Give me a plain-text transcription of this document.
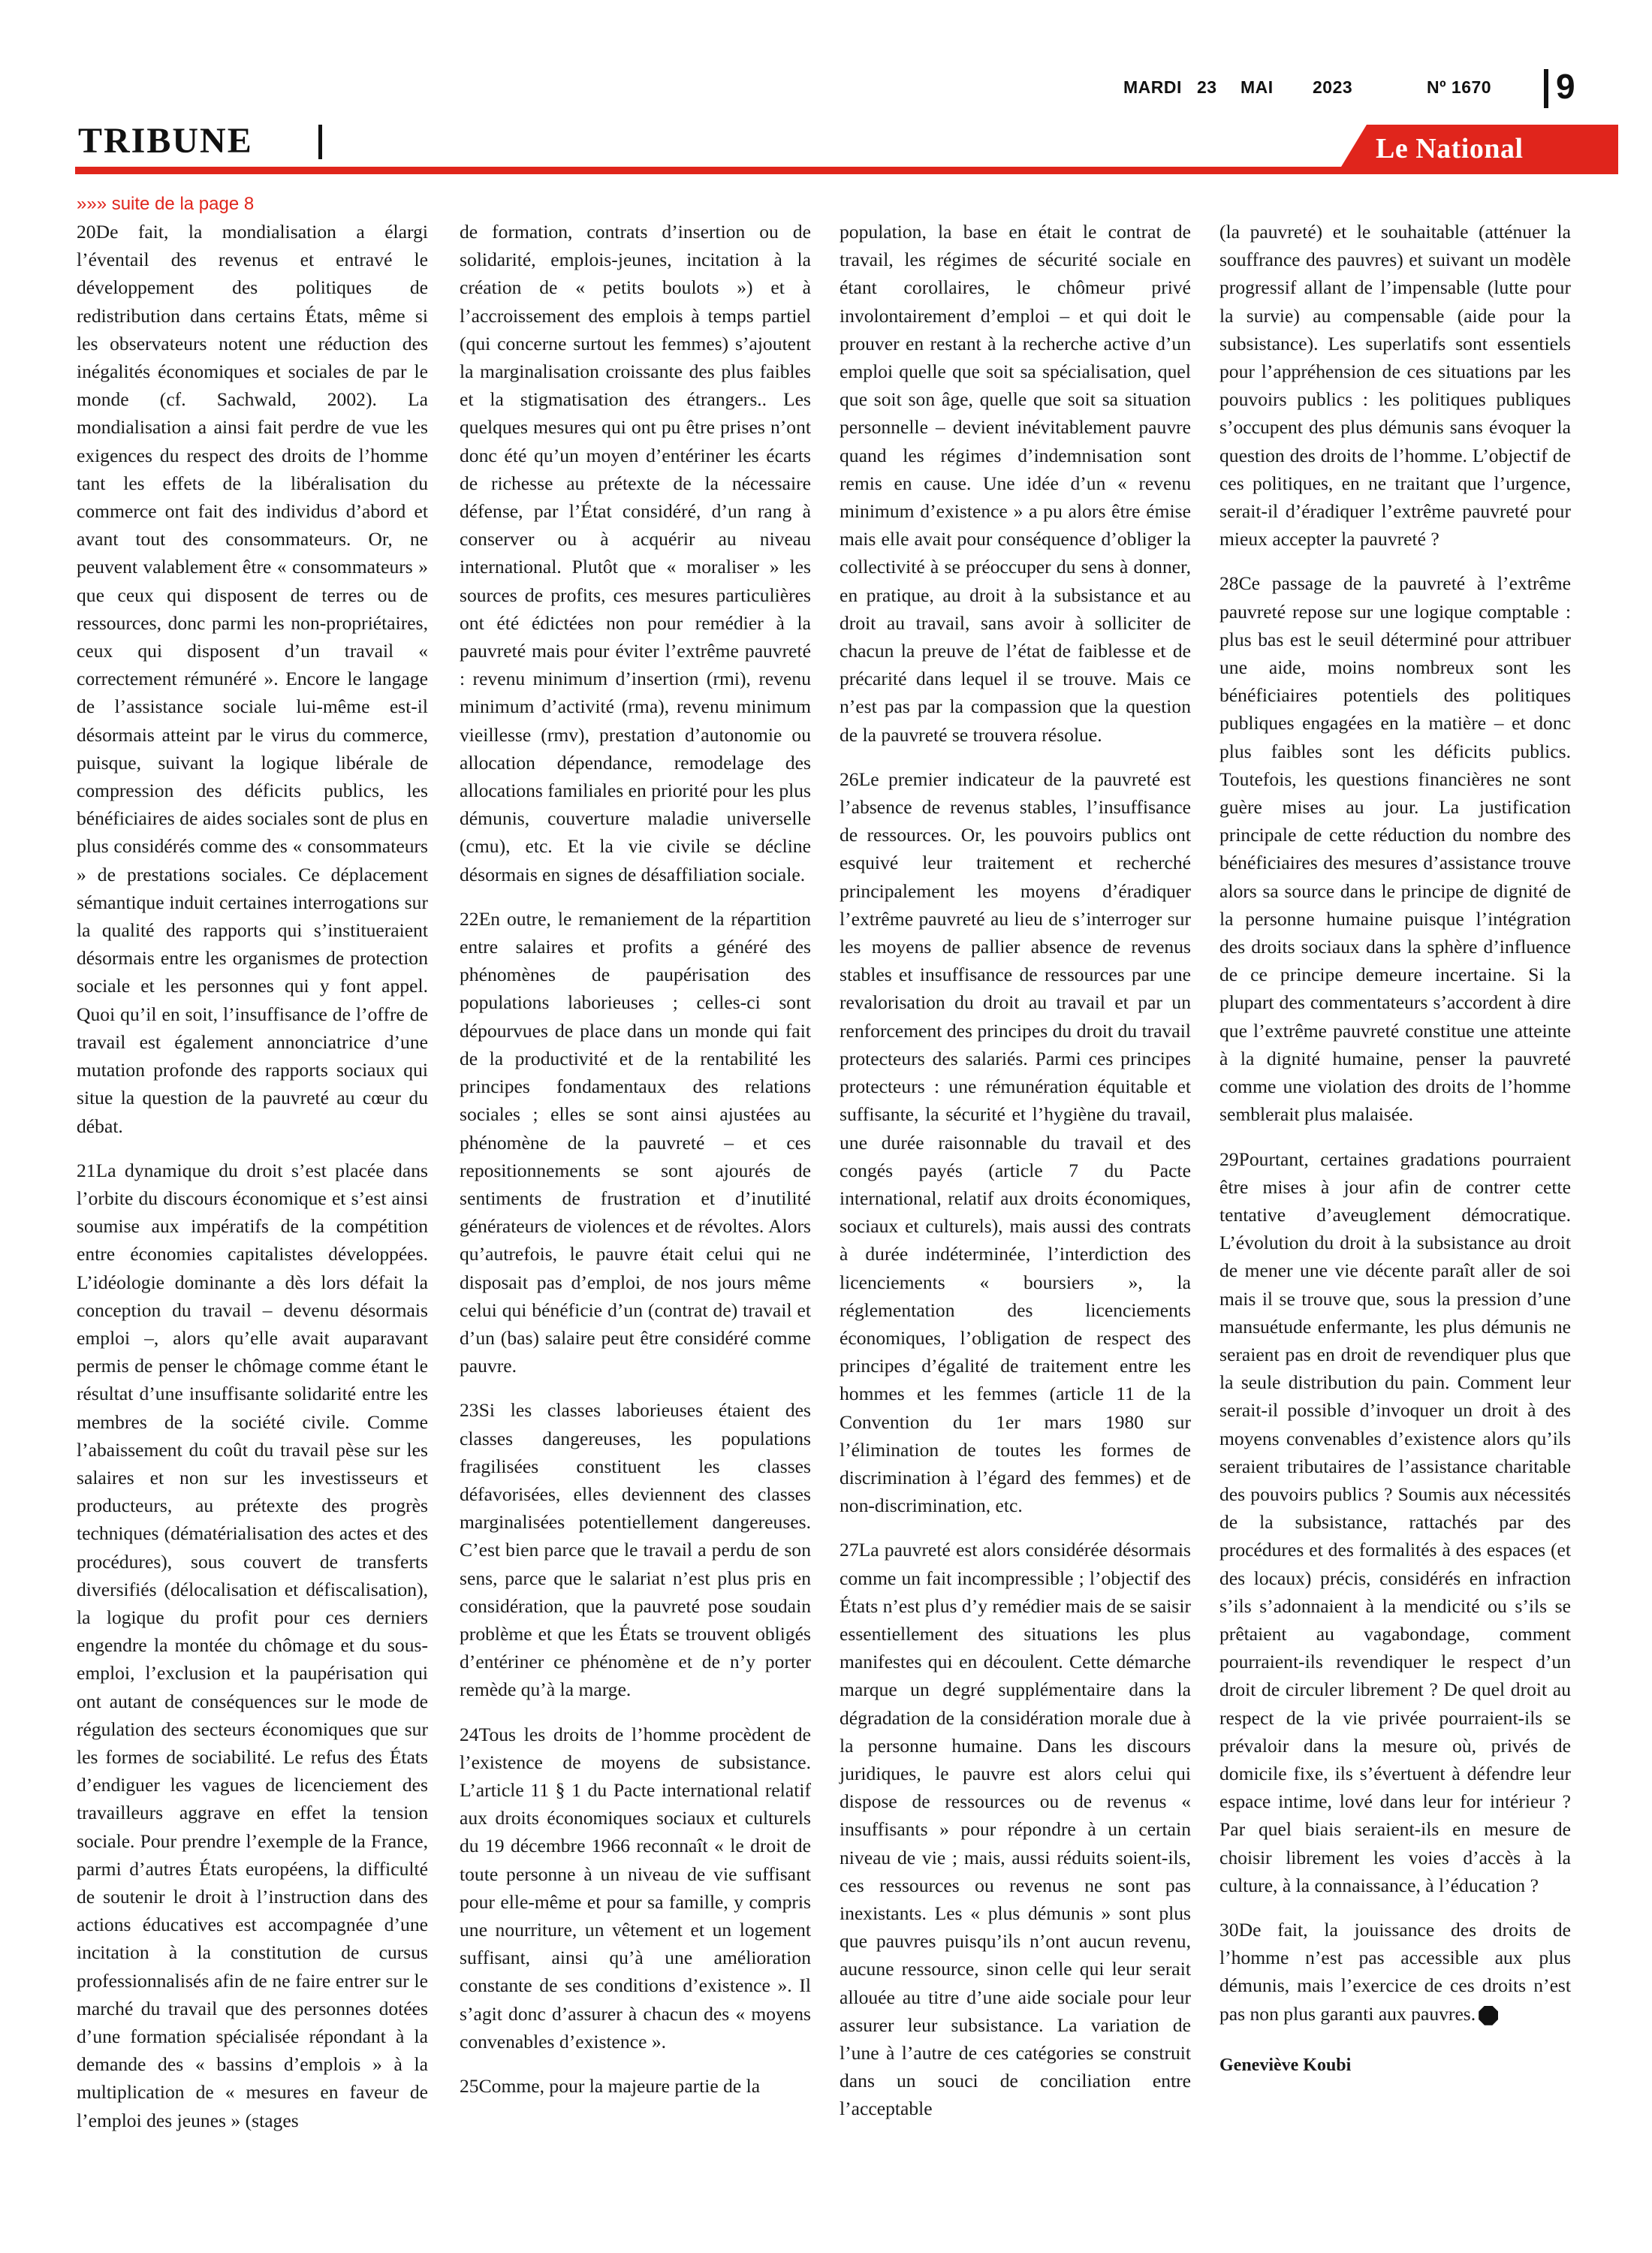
MARDI 23 MAI 2023	Nº 1670 9
TRIBUNE	Le National
»»» suite de la page 8

20De fait, la mondialisation a élargi l’éventail des revenus et entravé le développement des politiques de redistribution dans certains États, même si les observateurs notent une réduction des inégalités économiques et sociales de par le monde (cf. Sachwald, 2002). La mondialisation a ainsi fait perdre de vue les exigences du respect des droits de l’homme tant les effets de la libéralisation du commerce ont fait des individus d’abord et avant tout des consommateurs. Or, ne peuvent valablement être « consommateurs » que ceux qui disposent de terres ou de ressources, donc parmi les non-propriétaires, ceux qui disposent d’un travail « correctement rémunéré ». Encore le langage de l’assistance sociale lui-même est-il désormais atteint par le virus du commerce, puisque, suivant la logique libérale de compression des déficits publics, les bénéficiaires de aides sociales sont de plus en plus considérés comme des « consommateurs » de prestations sociales. Ce déplacement sémantique induit certaines interrogations sur la qualité des rapports qui s’institueraient désormais entre les organismes de protection sociale et les personnes qui y font appel. Quoi qu’il en soit, l’insuffisance de l’offre de travail est également annonciatrice d’une mutation profonde des rapports sociaux qui situe la question de la pauvreté au cœur du débat.

21La dynamique du droit s’est placée dans l’orbite du discours économique et s’est ainsi soumise aux impératifs de la compétition entre économies capitalistes développées. L’idéologie dominante a dès lors défait la conception du travail – devenu désormais emploi –, alors qu’elle avait auparavant permis de penser le chômage comme étant le résultat d’une insuffisante solidarité entre les membres de la société civile. Comme l’abaissement du coût du travail pèse sur les salaires et non sur les investisseurs et producteurs, au prétexte des progrès techniques (dématérialisation des actes et des procédures), sous couvert de transferts diversifiés (délocalisation et défiscalisation), la logique du profit pour ces derniers engendre la montée du chômage et du sous-emploi, l’exclusion et la paupérisation qui ont autant de conséquences sur le mode de régulation des secteurs économiques que sur les formes de sociabilité. Le refus des États d’endiguer les vagues de licenciement des travailleurs aggrave en effet la tension sociale. Pour prendre l’exemple de la France, parmi d’autres États européens, la difficulté de soutenir le droit à l’instruction dans des actions éducatives est accompagnée d’une incitation à la constitution de cursus professionnalisés afin de ne faire entrer sur le marché du travail que des personnes dotées d’une formation spécialisée répondant à la demande des « bassins d’emplois » à la multiplication de « mesures en faveur de l’emploi des jeunes » (stages

de formation, contrats d’insertion ou de solidarité, emplois-jeunes, incitation à la création de « petits boulots ») et à l’accroissement des emplois à temps partiel (qui concerne surtout les femmes) s’ajoutent la marginalisation croissante des plus faibles et la stigmatisation des étrangers.. Les quelques mesures qui ont pu être prises n’ont donc été qu’un moyen d’entériner les écarts de richesse au prétexte de la nécessaire défense, par l’État considéré, d’un rang à conserver ou à acquérir au niveau international. Plutôt que « moraliser » les sources de profits, ces mesures particulières ont été édictées non pour remédier à la pauvreté mais pour éviter l’extrême pauvreté : revenu minimum d’insertion (rmi), revenu minimum d’activité (rma), revenu minimum vieillesse (rmv), prestation d’autonomie ou allocation dépendance, remodelage des allocations familiales en priorité pour les plus démunis, couverture maladie universelle (cmu), etc. Et la vie civile se décline désormais en signes de désaffiliation sociale.

22En outre, le remaniement de la répartition entre salaires et profits a généré des phénomènes de paupérisation des populations laborieuses ; celles-ci sont dépourvues de place dans un monde qui fait de la productivité et de la rentabilité les principes fondamentaux des relations sociales ; elles se sont ainsi ajustées au phénomène de la pauvreté – et ces repositionnements se sont ajourés de sentiments de frustration et d’inutilité générateurs de violences et de révoltes. Alors qu’autrefois, le pauvre était celui qui ne disposait pas d’emploi, de nos jours même celui qui bénéficie d’un (contrat de) travail et d’un (bas) salaire peut être considéré comme pauvre.

23Si les classes laborieuses étaient des classes dangereuses, les populations fragilisées constituent les classes défavorisées, elles deviennent des classes marginalisées potentiellement dangereuses. C’est bien parce que le travail a perdu de son sens, parce que le salariat n’est plus pris en considération, que la pauvreté pose soudain problème et que les États se trouvent obligés d’entériner ce phénomène et de n’y porter remède qu’à la marge.

24Tous les droits de l’homme procèdent de l’existence de moyens de subsistance. L’article 11 § 1 du Pacte international relatif aux droits économiques sociaux et culturels du 19 décembre 1966 reconnaît « le droit de toute personne à un niveau de vie suffisant pour elle-même et pour sa famille, y compris une nourriture, un vêtement et un logement suffisant, ainsi qu’à une amélioration constante de ses conditions d’existence ». Il s’agit donc d’assurer à chacun des « moyens convenables d’existence ».

25Comme, pour la majeure partie de la

population, la base en était le contrat de travail, les régimes de sécurité sociale en étant corollaires, le chômeur privé involontairement d’emploi – et qui doit le prouver en restant à la recherche active d’un emploi quelle que soit sa spécialisation, quel que soit son âge, quelle que soit sa situation personnelle – devient inévitablement pauvre quand les régimes d’indemnisation sont remis en cause. Une idée d’un « revenu minimum d’existence » a pu alors être émise mais elle avait pour conséquence d’obliger la collectivité à se préoccuper du sens à donner, en pratique, au droit à la subsistance et au droit au travail, sans avoir à solliciter de chacun la preuve de l’état de faiblesse et de précarité dans lequel il se trouve. Mais ce n’est pas par la compassion que la question de la pauvreté se trouvera résolue.

26Le premier indicateur de la pauvreté est l’absence de revenus stables, l’insuffisance de ressources. Or, les pouvoirs publics ont esquivé leur traitement et recherché principalement les moyens d’éradiquer l’extrême pauvreté au lieu de s’interroger sur les moyens de pallier absence de revenus stables et insuffisance de ressources par une revalorisation du droit au travail et par un renforcement des principes du droit du travail protecteurs des salariés. Parmi ces principes protecteurs : une rémunération équitable et suffisante, la sécurité et l’hygiène du travail, une durée raisonnable du travail et des congés payés (article 7 du Pacte international, relatif aux droits économiques, sociaux et culturels), mais aussi des contrats à durée indéterminée, l’interdiction des licenciements « boursiers », la réglementation des licenciements économiques, l’obligation de respect des principes d’égalité de traitement entre les hommes et les femmes (article 11 de la Convention du 1er mars 1980 sur l’élimination de toutes les formes de discrimination à l’égard des femmes) et de non-discrimination, etc.

27La pauvreté est alors considérée désormais comme un fait incompressible ; l’objectif des États n’est plus d’y remédier mais de se saisir essentiellement des situations les plus manifestes qui en découlent. Cette démarche marque un degré supplémentaire dans la dégradation de la considération morale due à la personne humaine. Dans les discours juridiques, le pauvre est alors celui qui dispose de ressources ou de revenus « insuffisants » pour répondre à un certain niveau de vie ; mais, aussi réduits soient-ils, ces ressources ou revenus ne sont pas inexistants. Les « plus démunis » sont plus que pauvres puisqu’ils n’ont aucun revenu, aucune ressource, sinon celle qui leur serait allouée au titre d’une aide sociale pour leur assurer leur subsistance. La variation de l’une à l’autre de ces catégories se construit dans un souci de conciliation entre l’acceptable

(la pauvreté) et le souhaitable (atténuer la souffrance des pauvres) et suivant un modèle progressif allant de l’impensable (lutte pour la survie) au compensable (aide pour la subsistance). Les superlatifs sont essentiels pour l’appréhension de ces situations par les pouvoirs publics : les politiques publiques s’occupent des plus démunis sans évoquer la question des droits de l’homme. L’objectif de ces politiques, en ne traitant que l’urgence, serait-il d’éradiquer l’extrême pauvreté pour mieux accepter la pauvreté ?

28Ce passage de la pauvreté à l’extrême pauvreté repose sur une logique comptable : plus bas est le seuil déterminé pour attribuer une aide, moins nombreux sont les bénéficiaires potentiels des politiques publiques engagées en la matière – et donc plus faibles sont les déficits publics. Toutefois, les questions financières ne sont guère mises au jour. La justification principale de cette réduction du nombre des bénéficiaires des mesures d’assistance trouve alors sa source dans le principe de dignité de la personne humaine puisque l’intégration des droits sociaux dans la sphère d’influence de ce principe demeure incertaine. Si la plupart des commentateurs s’accordent à dire que l’extrême pauvreté constitue une atteinte à la dignité humaine, penser la pauvreté comme une violation des droits de l’homme semblerait plus malaisée.

29Pourtant, certaines gradations pourraient être mises à jour afin de contrer cette tentative d’aveuglement démocratique. L’évolution du droit à la subsistance au droit de mener une vie décente paraît aller de soi mais il se trouve que, sous la pression d’une mansuétude enfermante, les plus démunis ne seraient pas en droit de revendiquer plus que la seule distribution du pain. Comment leur serait-il possible d’invoquer un droit à des moyens convenables d’existence alors qu’ils seraient tributaires de l’assistance charitable des pouvoirs publics ? Soumis aux nécessités de la subsistance, rattachés par des procédures et des formalités à des espaces (et des locaux) précis, considérés en infraction s’ils s’adonnaient à la mendicité ou s’ils se prêtaient au vagabondage, comment pourraient-ils revendiquer le respect d’un droit de circuler librement ? De quel droit au respect de la vie privée pourraient-ils se prévaloir dans la mesure où, privés de domicile fixe, ils s’évertuent à défendre leur espace intime, lové dans leur for intérieur ? Par quel biais seraient-ils en mesure de choisir librement les voies d’accès à la culture, à la connaissance, à l’éducation ?

30De fait, la jouissance des droits de l’homme n’est pas accessible aux plus démunis, mais l’exercice de ces droits n’est pas non plus garanti aux pauvres.

Geneviève Koubi
